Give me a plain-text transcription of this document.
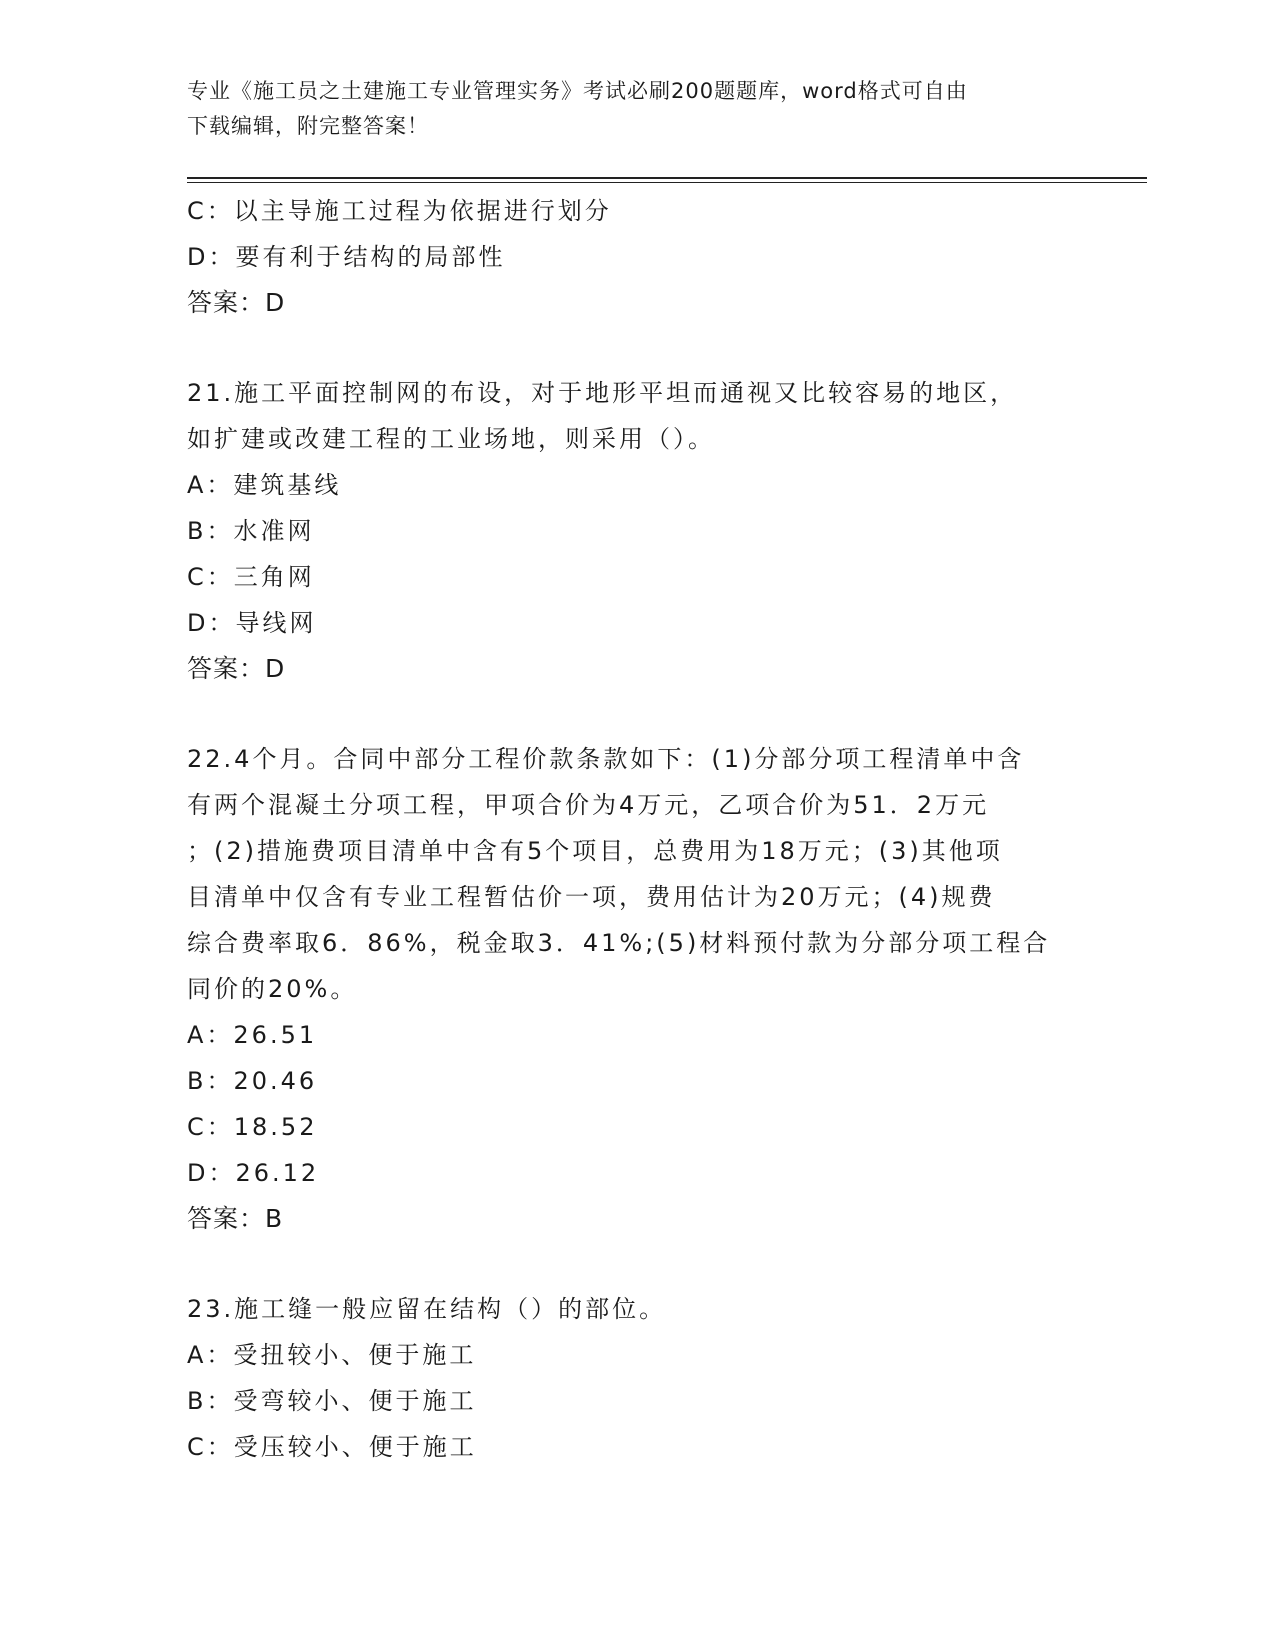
专业《施工员之土建施工专业管理实务》考试必刷200题题库，word格式可自由
下载编辑，附完整答案！
C：以主导施工过程为依据进行划分
D：要有利于结构的局部性
答案：D
21.施工平面控制网的布设，对于地形平坦而通视又比较容易的地区，
如扩建或改建工程的工业场地，则采用（）。
A：建筑基线
B：水准网
C：三角网
D：导线网
答案：D
22.4个月。合同中部分工程价款条款如下：(1)分部分项工程清单中含
有两个混凝土分项工程，甲项合价为4万元，乙项合价为51．2万元
；(2)措施费项目清单中含有5个项目，总费用为18万元；(3)其他项
目清单中仅含有专业工程暂估价一项，费用估计为20万元；(4)规费
综合费率取6．86%，税金取3．41%;(5)材料预付款为分部分项工程合
同价的20%。
A：26.51
B：20.46
C：18.52
D：26.12
答案：B
23.施工缝一般应留在结构（）的部位。
A：受扭较小、便于施工
B：受弯较小、便于施工
C：受压较小、便于施工
